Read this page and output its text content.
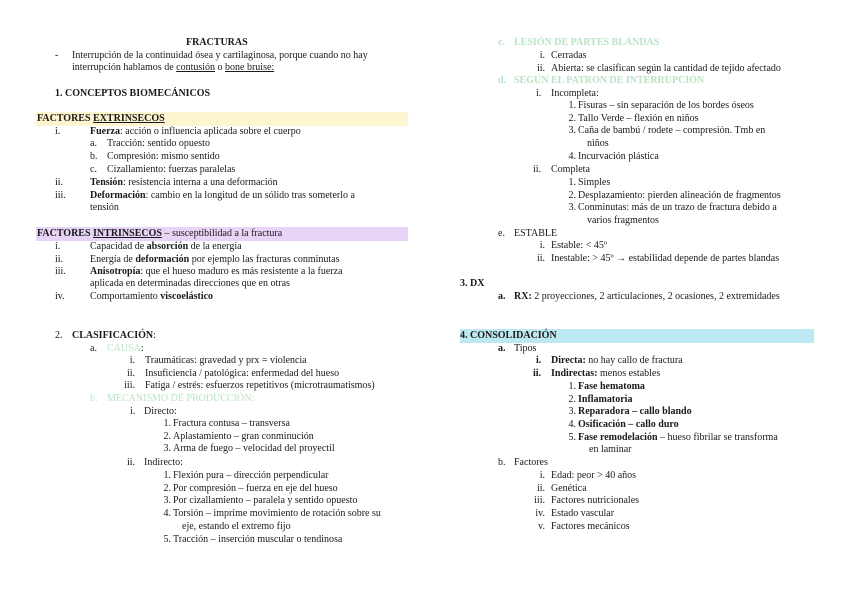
FRACTURAS
- Interrupción de la continuidad ósea y cartilaginosa, porque cuando no hay
interrupción hablamos de contusión o bone bruise:
1. CONCEPTOS BIOMECÁNICOS
FACTORES EXTRINSECOS
i.	Fuerza: acción o influencia aplicada sobre el cuerpo
a. Tracción: sentido opuesto
b. Compresión: mismo sentido
c. Cizallamiento: fuerzas paralelas
ii.	Tensión: resistencia interna a una deformación
iii. Deformación: cambio en la longitud de un sólido tras someterlo a
tensión
FACTORES INTRINSECOS – susceptibilidad a la fractura
i.	Capacidad de absorción de la energía
ii.	Energía de deformación por ejemplo las fracturas conminutas
iii. Anisotropía: que el hueso maduro es más resistente a la fuerza
aplicada en determinadas direcciones que en otras
iv.	Comportamiento viscoelástico
2. CLASIFICACIÓN:
a. CAUSA:
i. Traumáticas: gravedad y prx = violencia
ii. Insuficiencia / patológica: enfermedad del hueso
iii. Fatiga / estrés: esfuerzos repetitivos (microtraumatismos)
b. MECANISMO DE PRODUCCIÓN:
i. Directo:
1. Fractura contusa – transversa
2. Aplastamiento – gran conminución
3. Arma de fuego – velocidad del proyectil
ii. Indirecto:
1. Flexión pura – dirección perpendicular
2. Por compresión – fuerza en eje del hueso
3. Por cizallamiento – paralela y sentido opuesto
4. Torsión – imprime movimiento de rotación sobre su
eje, estando el extremo fijo
5. Tracción – inserción muscular o tendinosa
c. LESIÓN DE PARTES BLANDAS
i. Cerradas
ii. Abierta: se clasifican según la cantidad de tejido afectado
d. SEGÚN EL PATRON DE INTERRUPCIÓN
i. Incompleta:
1. Fisuras – sin separación de los bordes óseos
2. Tallo Verde – flexión en niños
3. Caña de bambú / rodete – compresión. Tmb en
niños
4. Incurvación plástica
ii. Completa
1. Simples
2. Desplazamiento: pierden alineación de fragmentos
3. Conminutas: más de un trazo de fractura debido a
varios fragmentos
e. ESTABLE
i. Estable: < 45º
ii. Inestable: > 45º → estabilidad depende de partes blandas
3. DX
a. RX: 2 proyecciones, 2 articulaciones, 2 ocasiones, 2 extremidades
4. CONSOLIDACIÓN
a. Tipos
i. Directa: no hay callo de fractura
ii. Indirectas: menos estables
1. Fase hematoma
2. Inflamatoria
3. Reparadora – callo blando
4. Osificación – callo duro
5. Fase remodelación – hueso fibrilar se transforma
en laminar
b. Factores
i. Edad: peor > 40 años
ii. Genética
iii. Factores nutricionales
iv. Estado vascular
v. Factores mecánicos
